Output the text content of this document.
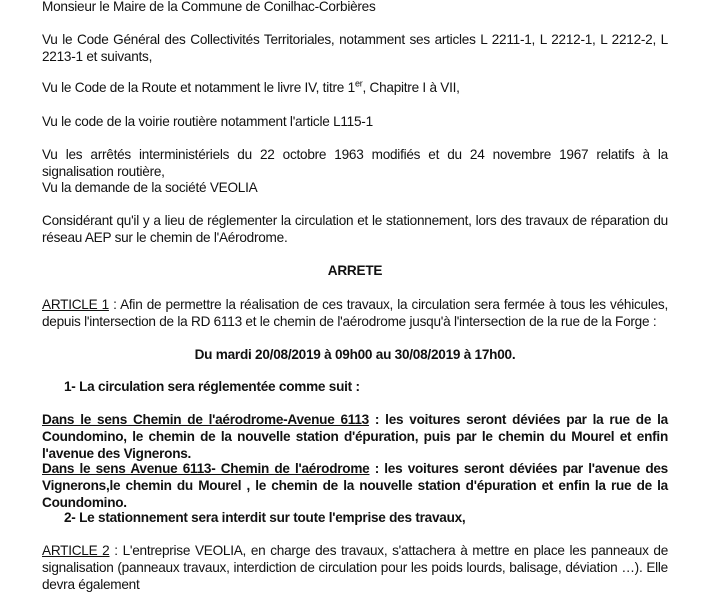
Monsieur le Maire de la Commune de Conilhac-Corbières

Vu le Code Général des Collectivités Territoriales, notamment ses articles L 2211-1, L 2212-1, L 2212-2, L 2213-1 et suivants,

Vu le Code de la Route et notamment le livre IV, titre 1er, Chapitre I à VII,

Vu le code de la voirie routière notamment l'article L115-1

Vu les arrêtés interministériels du 22 octobre 1963 modifiés et du 24 novembre 1967 relatifs à la signalisation routière,

Vu la demande de la société VEOLIA

Considérant qu'il y a lieu de réglementer la circulation et le stationnement, lors des travaux de réparation du réseau AEP sur le chemin de l'Aérodrome.

ARRETE

ARTICLE 1 : Afin de permettre la réalisation de ces travaux, la circulation sera fermée à tous les véhicules, depuis l'intersection de la RD 6113 et le chemin de l'aérodrome jusqu'à l'intersection de la rue de la Forge :

Du mardi 20/08/2019 à 09h00 au 30/08/2019 à 17h00.

1- La circulation sera réglementée comme suit :

Dans le sens Chemin de l'aérodrome-Avenue 6113 : les voitures seront déviées par la rue de la Coundomino, le chemin de la nouvelle station d'épuration, puis par le chemin du Mourel et enfin l'avenue des Vignerons.

Dans le sens Avenue 6113- Chemin de l'aérodrome : les voitures seront déviées par l'avenue des Vignerons,le chemin du Mourel , le chemin de la nouvelle station d'épuration et enfin la rue de la Coundomino.

2- Le stationnement sera interdit sur toute l'emprise des travaux,

ARTICLE 2 : L'entreprise VEOLIA, en charge des travaux, s'attachera à mettre en place les panneaux de signalisation (panneaux travaux, interdiction de circulation pour les poids lourds, balisage, déviation …). Elle devra également
